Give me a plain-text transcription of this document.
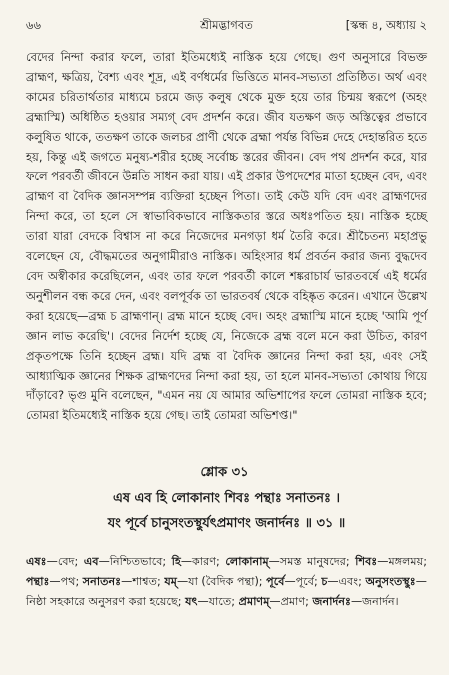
৬৬	শ্রীমদ্ভাগবত	[স্কন্ধ ৪, অধ্যায় ২

বেদের নিন্দা করার ফলে, তারা ইতিমধ্যেই নাস্তিক হয়ে গেছে। গুণ অনুসারে বিভক্ত ব্রাহ্মণ, ক্ষত্রিয়, বৈশ্য এবং শূদ্র, এই বর্ণধর্মের ভিত্তিতে মানব-সভ্যতা প্রতিষ্ঠিত। অর্থ এবং কামের চরিতার্থতার মাধ্যমে চরমে জড় কলুষ থেকে মুক্ত হয়ে তার চিন্ময় স্বরূপে (অহং ব্রহ্মাস্মি) অধিষ্ঠিত হওয়ার সম্যগ্‌ বেদ প্রদর্শন করে। জীব যতক্ষণ জড় অস্তিত্বের প্রভাবে কলুষিত থাকে, ততক্ষণ তাকে জলচর প্রাণী থেকে ব্রহ্মা পর্যন্ত বিভিন্ন দেহে দেহান্তরিত হতে হয়, কিন্তু এই জগতে মনুষ্য-শরীর হচ্ছে সর্বোচ্চ স্তরের জীবন। বেদ পথ প্রদর্শন করে, যার ফলে পরবর্তী জীবনে উন্নতি সাধন করা যায়। এই প্রকার উপদেশের মাতা হচ্ছেন বেদ, এবং ব্রাহ্মণ বা বৈদিক জ্ঞানসম্পন্ন ব্যক্তিরা হচ্ছেন পিতা। তাই কেউ যদি বেদ এবং ব্রাহ্মণদের নিন্দা করে, তা হলে সে স্বাভাবিকভাবে নাস্তিকতার স্তরে অধঃপতিত হয়। নাস্তিক হচ্ছে তারা যারা বেদকে বিশ্বাস না করে নিজেদের মনগড়া ধর্ম তৈরি করে। শ্রীচৈতন্য মহাপ্রভু বলেছেন যে, বৌদ্ধমতের অনুগামীরাও নাস্তিক। অহিংসার ধর্ম প্রবর্তন করার জন্য বুদ্ধদেব বেদ অস্বীকার করেছিলেন, এবং তার ফলে পরবর্তী কালে শঙ্করাচার্য ভারতবর্ষে এই ধর্মের অনুশীলন বন্ধ করে দেন, এবং বলপূর্বক তা ভারতবর্ষ থেকে বহিষ্কৃত করেন। এখানে উল্লেখ করা হয়েছে—ব্রহ্ম চ ব্রাহ্মণান্‌। ব্রহ্ম মানে হচ্ছে বেদ। অহং ব্রহ্মাস্মি মানে হচ্ছে 'আমি পূর্ণ জ্ঞান লাভ করেছি'। বেদের নির্দেশ হচ্ছে যে, নিজেকে ব্রহ্ম বলে মনে করা উচিত, কারণ প্রকৃতপক্ষে তিনি হচ্ছেন ব্রহ্ম। যদি ব্রহ্ম বা বৈদিক জ্ঞানের নিন্দা করা হয়, এবং সেই আধ্যাত্মিক জ্ঞানের শিক্ষক ব্রাহ্মণদের নিন্দা করা হয়, তা হলে মানব-সভ্যতা কোথায় গিয়ে দাঁড়াবে? ভৃগু মুনি বলেছেন, "এমন নয় যে আমার অভিশাপের ফলে তোমরা নাস্তিক হবে; তোমরা ইতিমধ্যেই নাস্তিক হয়ে গেছ। তাই তোমরা অভিশপ্ত।"

শ্লোক ৩১
এষ এব হি লোকানাং শিবঃ পন্থাঃ সনাতনঃ ।
যং পূর্বে চানুসংতস্থুর্যৎপ্রমাণং জনার্দনঃ ॥ ৩১ ॥
এষঃ—বেদ; এব—নিশ্চিতভাবে; হি—কারণ; লোকানাম্‌—সমস্ত মানুষদের; শিবঃ—মঙ্গলময়; পন্থাঃ—পথ; সনাতনঃ—শাশ্বত; যম্‌—যা (বৈদিক পন্থা); পূর্বে—পূর্বে; চ—এবং; অনুসংতস্থুঃ—নিষ্ঠা সহকারে অনুসরণ করা হয়েছে; যৎ—যাতে; প্রমাণম্‌—প্রমাণ; জনার্দনঃ—জনার্দন।
